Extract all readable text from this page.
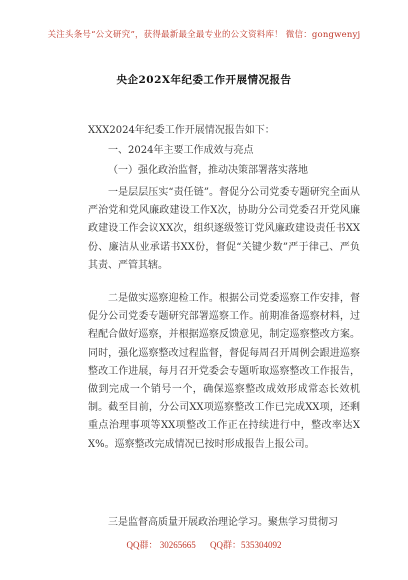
关注头条号“公文研究”，获得最新最全最专业的公文资料库！ 微信：gongwenyj
央企202X年纪委工作开展情况报告
XXX2024年纪委工作开展情况报告如下：
一、2024年主要工作成效与亮点
（一）强化政治监督，推动决策部署落实落地
一是层层压实“责任链”。督促分公司党委专题研究全面从严治党和党风廉政建设工作X次，协助分公司党委召开党风廉政建设工作会议XX次，组织逐级签订党风廉政建设责任书XX份、廉洁从业承诺书XX份，督促“关键少数”严于律己、严负其责、严管其辖。
二是做实巡察迎检工作。根据公司党委巡察工作安排，督促分公司党委专题研究部署巡察工作。前期准备巡察材料，过程配合做好巡察，并根据巡察反馈意见，制定巡察整改方案。同时，强化巡察整改过程监督，督促每周召开周例会跟进巡察整改工作进展，每月召开党委会专题听取巡察整改工作报告，做到完成一个销号一个，确保巡察整改成效形成常态长效机制。截至目前，分公司XX项巡察整改工作已完成XX项，还剩重点治理事项等XX项整改工作正在持续进行中，整改率达XX%。巡察整改完成情况已按时形成报告上报公司。
三是监督高质量开展政治理论学习。聚焦学习贯彻习
QQ群： 30265665 QQ群：535304092
